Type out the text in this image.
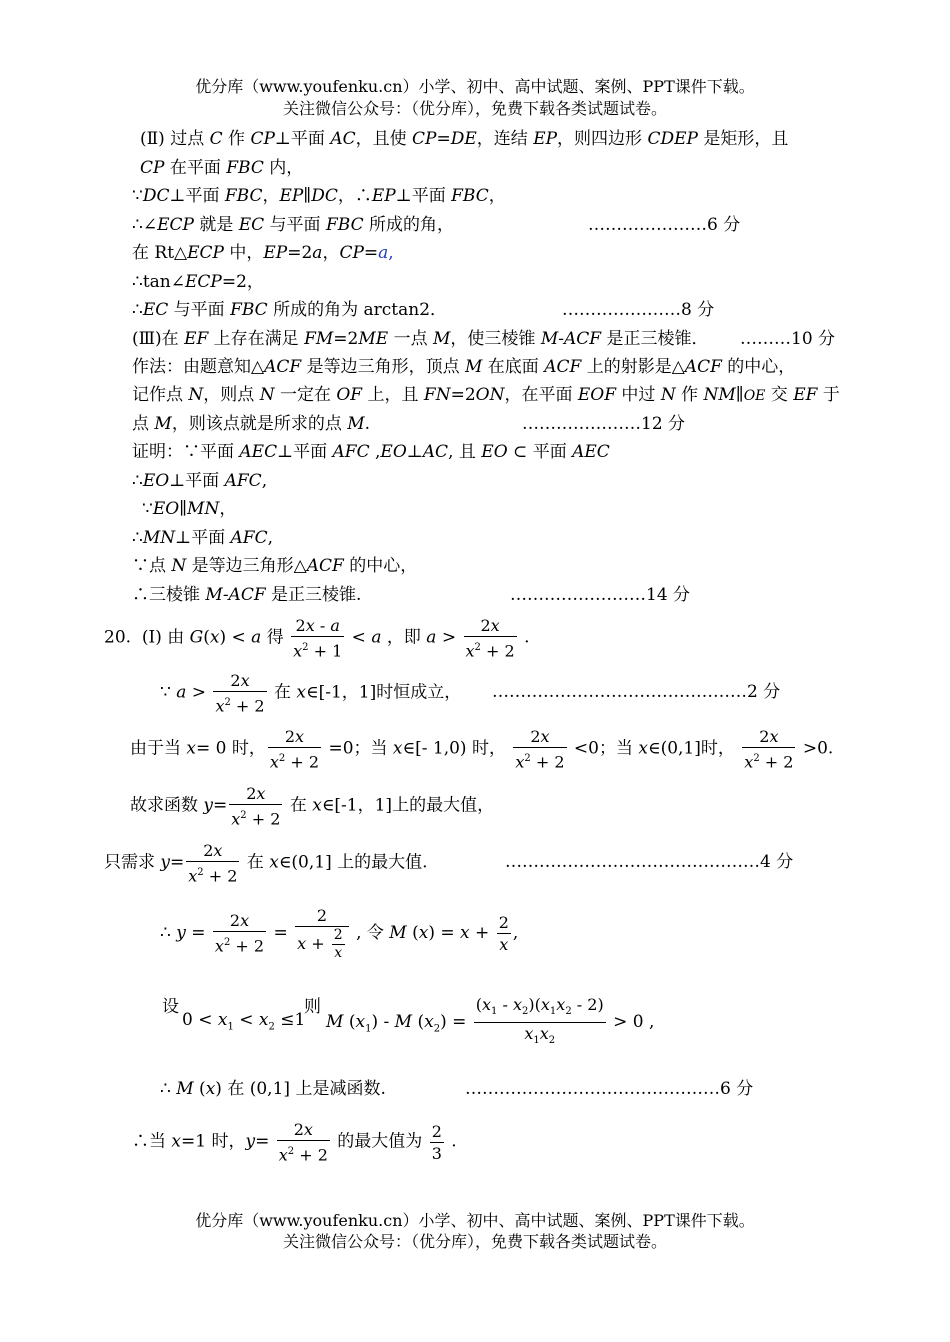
优分库（www.youfenku.cn）小学、初中、高中试题、案例、PPT课件下载。
关注微信公众号：（优分库），免费下载各类试题试卷。
(Ⅱ) 过点 C 作 CP⊥平面 AC，且使 CP=DE，连结 EP，则四边形 CDEP 是矩形，且
CP 在平面 FBC 内，
∵DC⊥平面 FBC，EP∥DC，∴EP⊥平面 FBC，
∴∠ECP 就是 EC 与平面 FBC 所成的角，	…………………6 分
在 Rt△ECP 中，EP=2a，CP=a,
∴tan∠ECP=2，
∴EC 与平面 FBC 所成的角为 arctan2．	…………………8 分
(Ⅲ)在 EF 上存在满足 FM=2ME 一点 M，使三棱锥 M-ACF 是正三棱锥． ………10 分
作法：由题意知△ACF 是等边三角形，顶点 M 在底面 ACF 上的射影是△ACF 的中心，
记作点 N，则点 N 一定在 OF 上，且 FN=2ON，在平面 EOF 中过 N 作 NM∥OE 交 EF 于
点 M，则该点就是所求的点 M.	…………………12 分
证明：∵平面 AEC⊥平面 AFC ,EO⊥AC, 且 EO ⊂ 平面 AEC
∴EO⊥平面 AFC,
∵EO∥MN，
∴MN⊥平面 AFC,
∵点 N 是等边三角形△ACF 的中心，
∴三棱锥 M-ACF 是正三棱锥.	……………………14 分
20.  (I) 由 G(x) < a 得 $\frac{2x - a}{x^2 + 1} < a$ ，即 $a > \frac{2x}{x^2 + 2}$ .
∵ $a > \frac{2x}{x^2 + 2}$ 在 x∈[-1，1]时恒成立， ………………………………………2 分
由于当 x= 0 时， $\frac{2x}{x^2 + 2} =0$；当 x∈[- 1,0) 时， $\frac{2x}{x^2 + 2} <0$；当 x∈(0,1]时， $\frac{2x}{x^2 + 2} >0$.
故求函数 $y= \frac{2x}{x^2 + 2}$ 在 x∈[-1，1]上的最大值，
只需求 $y= \frac{2x}{x^2 + 2}$ 在 x∈(0,1] 上的最大值.	………………………………………4 分
∴ $y = \frac{2x}{x^2 + 2} = \frac{2}{x + \frac{2}{x}}$ , 令 M $(x) = x + \frac{2}{x}$ ,
设
$0 < x_1 < x_2 \le 1$
则
M $(x_1)$ - M $(x_2) = \frac{(x_1 - x_2)(x_1x_2 - 2)}{x_1x_2} > 0$ ,
∴ M (x) 在 (0,1] 上是减函数.	………………………………………6 分
∴当 x=1 时，$y= \frac{2x}{x^2 + 2}$ 的最大值为 $\frac{2}{3}$ .
优分库（www.youfenku.cn）小学、初中、高中试题、案例、PPT课件下载。
关注微信公众号：（优分库），免费下载各类试题试卷。
